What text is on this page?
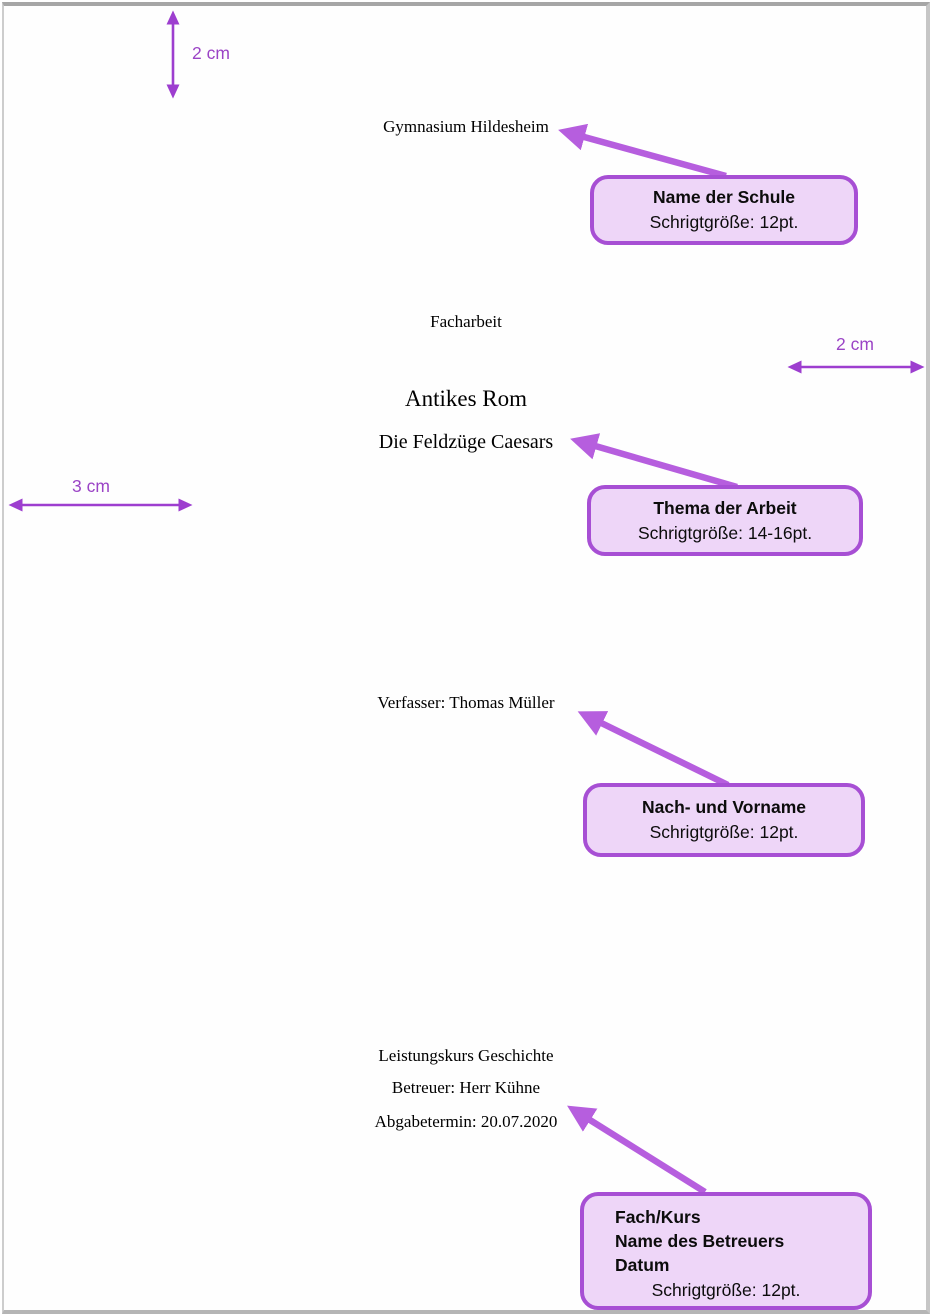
2 cm
3 cm
2 cm
Gymnasium Hildesheim
Facharbeit
Antikes Rom
Die Feldzüge Caesars
Verfasser: Thomas Müller
Leistungskurs Geschichte
Betreuer: Herr Kühne
Abgabetermin: 20.07.2020
Name der Schule
Schrigtgröße: 12pt.
Thema der Arbeit
Schrigtgröße: 14-16pt.
Nach- und Vorname
Schrigtgröße: 12pt.
Fach/Kurs
Name des Betreuers
Datum
Schrigtgröße: 12pt.
